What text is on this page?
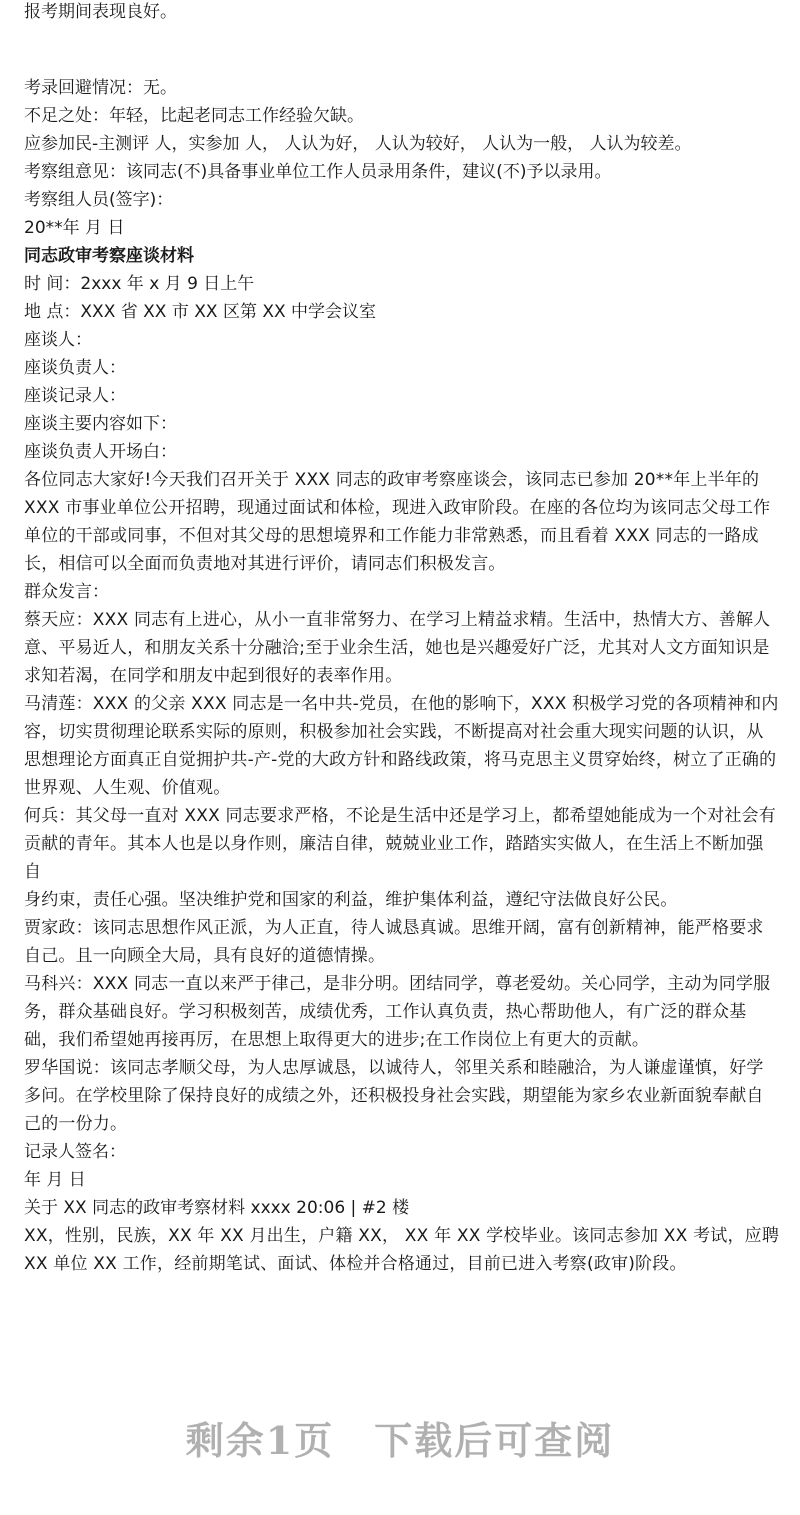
报考期间表现良好。

考录回避情况：无。

不足之处：年轻，比起老同志工作经验欠缺。

应参加民-主测评 人，实参加 人， 人认为好， 人认为较好， 人认为一般， 人认为较差。

考察组意见：该同志(不)具备事业单位工作人员录用条件，建议(不)予以录用。

考察组人员(签字)：

20**年 月 日

同志政审考察座谈材料

时 间：2xxx 年 x 月 9 日上午

地 点：XXX 省 XX 市 XX 区第 XX 中学会议室

座谈人：

座谈负责人：

座谈记录人：

座谈主要内容如下：

座谈负责人开场白：

各位同志大家好!今天我们召开关于 XXX 同志的政审考察座谈会，该同志已参加 20**年上半年的 XXX 市事业单位公开招聘，现通过面试和体检，现进入政审阶段。在座的各位均为该同志父母工作单位的干部或同事，不但对其父母的思想境界和工作能力非常熟悉，而且看着 XXX 同志的一路成长，相信可以全面而负责地对其进行评价，请同志们积极发言。

群众发言：

蔡天应：XXX 同志有上进心，从小一直非常努力、在学习上精益求精。生活中，热情大方、善解人意、平易近人，和朋友关系十分融洽;至于业余生活，她也是兴趣爱好广泛，尤其对人文方面知识是求知若渴，在同学和朋友中起到很好的表率作用。

马清莲：XXX 的父亲 XXX 同志是一名中共-党员，在他的影响下，XXX 积极学习党的各项精神和内容，切实贯彻理论联系实际的原则，积极参加社会实践，不断提高对社会重大现实问题的认识，从思想理论方面真正自觉拥护共-产-党的大政方针和路线政策，将马克思主义贯穿始终，树立了正确的世界观、人生观、价值观。

何兵：其父母一直对 XXX 同志要求严格，不论是生活中还是学习上，都希望她能成为一个对社会有贡献的青年。其本人也是以身作则，廉洁自律，兢兢业业工作，踏踏实实做人，在生活上不断加强自

身约束，责任心强。坚决维护党和国家的利益，维护集体利益，遵纪守法做良好公民。

贾家政：该同志思想作风正派，为人正直，待人诚恳真诚。思维开阔，富有创新精神，能严格要求自己。且一向顾全大局，具有良好的道德情操。

马科兴：XXX 同志一直以来严于律己，是非分明。团结同学，尊老爱幼。关心同学，主动为同学服务，群众基础良好。学习积极刻苦，成绩优秀，工作认真负责，热心帮助他人，有广泛的群众基础，我们希望她再接再厉，在思想上取得更大的进步;在工作岗位上有更大的贡献。

罗华国说：该同志孝顺父母，为人忠厚诚恳，以诚待人，邻里关系和睦融洽，为人谦虚谨慎，好学多问。在学校里除了保持良好的成绩之外，还积极投身社会实践，期望能为家乡农业新面貌奉献自己的一份力。

记录人签名：

年 月 日

关于 XX 同志的政审考察材料 xxxx 20:06 | #2 楼

XX，性别，民族，XX 年 XX 月出生，户籍 XX， XX 年 XX 学校毕业。该同志参加 XX 考试，应聘 XX 单位 XX 工作，经前期笔试、面试、体检并合格通过，目前已进入考察(政审)阶段。

剩余1页 下载后可查阅
